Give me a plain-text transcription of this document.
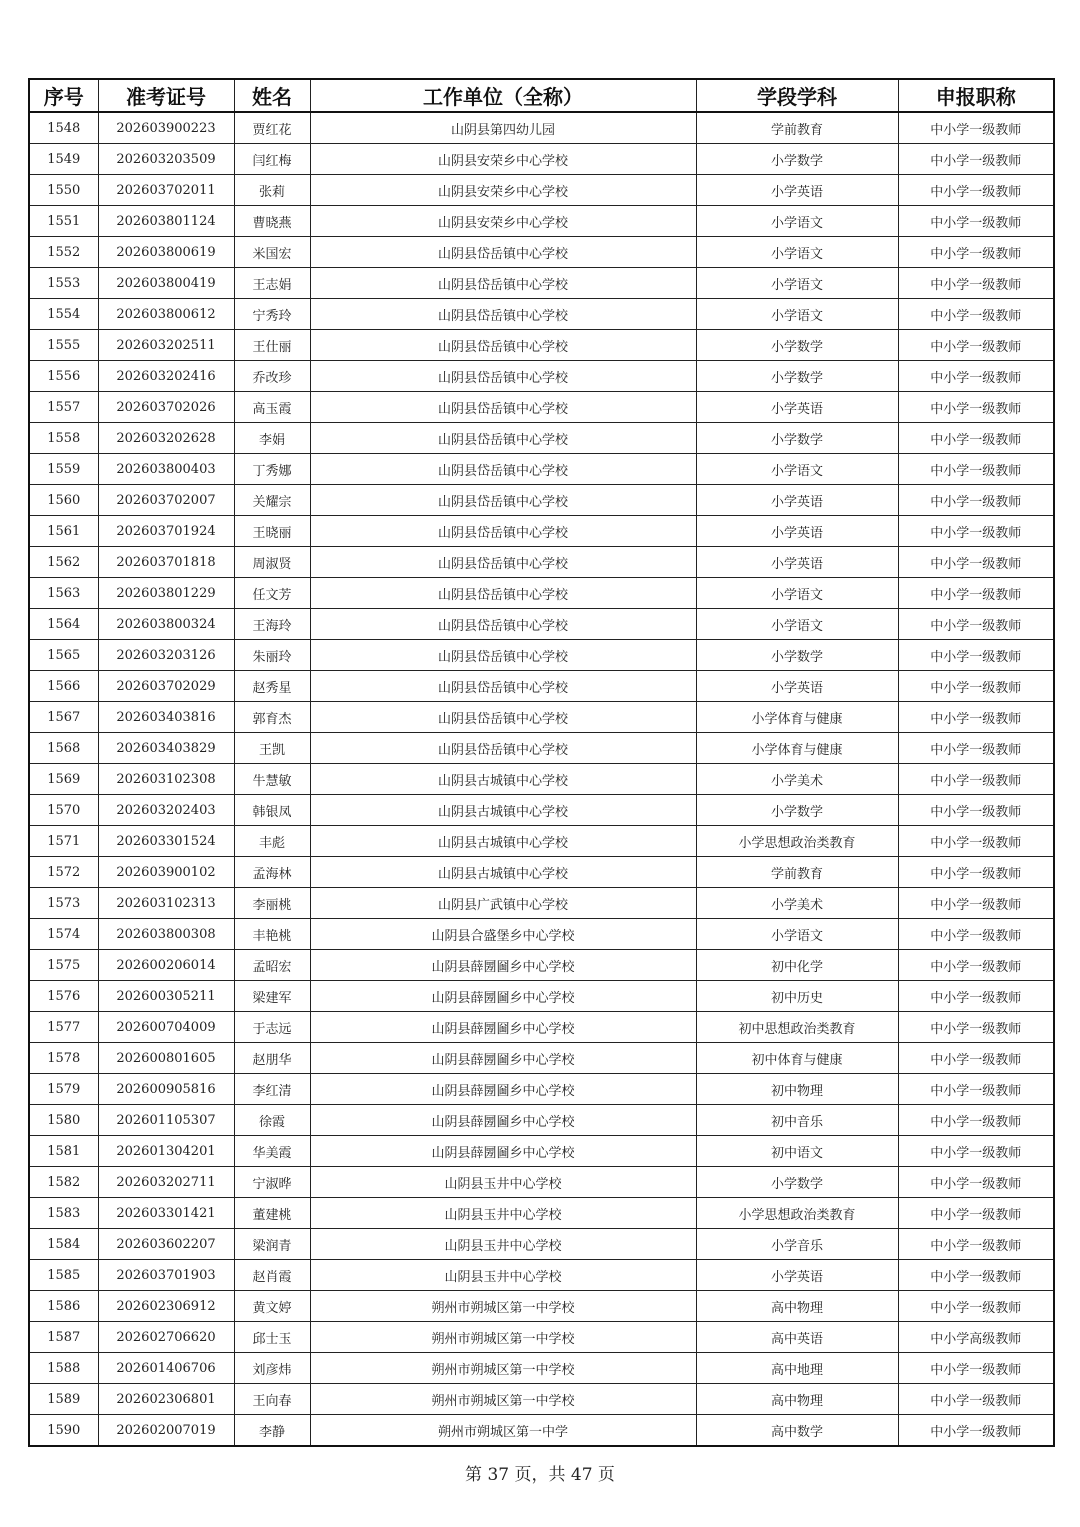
序号	准考证号	姓名	工作单位（全称）	学段学科	申报职称
1548	202603900223	贾红花	山阴县第四幼儿园	学前教育	中小学一级教师
1549	202603203509	闫红梅	山阴县安荣乡中心学校	小学数学	中小学一级教师
1550	202603702011	张莉	山阴县安荣乡中心学校	小学英语	中小学一级教师
1551	202603801124	曹晓燕	山阴县安荣乡中心学校	小学语文	中小学一级教师
1552	202603800619	米国宏	山阴县岱岳镇中心学校	小学语文	中小学一级教师
1553	202603800419	王志娟	山阴县岱岳镇中心学校	小学语文	中小学一级教师
1554	202603800612	宁秀玲	山阴县岱岳镇中心学校	小学语文	中小学一级教师
1555	202603202511	王仕丽	山阴县岱岳镇中心学校	小学数学	中小学一级教师
1556	202603202416	乔改珍	山阴县岱岳镇中心学校	小学数学	中小学一级教师
1557	202603702026	高玉霞	山阴县岱岳镇中心学校	小学英语	中小学一级教师
1558	202603202628	李娟	山阴县岱岳镇中心学校	小学数学	中小学一级教师
1559	202603800403	丁秀娜	山阴县岱岳镇中心学校	小学语文	中小学一级教师
1560	202603702007	关耀宗	山阴县岱岳镇中心学校	小学英语	中小学一级教师
1561	202603701924	王晓丽	山阴县岱岳镇中心学校	小学英语	中小学一级教师
1562	202603701818	周淑贤	山阴县岱岳镇中心学校	小学英语	中小学一级教师
1563	202603801229	任文芳	山阴县岱岳镇中心学校	小学语文	中小学一级教师
1564	202603800324	王海玲	山阴县岱岳镇中心学校	小学语文	中小学一级教师
1565	202603203126	朱丽玲	山阴县岱岳镇中心学校	小学数学	中小学一级教师
1566	202603702029	赵秀星	山阴县岱岳镇中心学校	小学英语	中小学一级教师
1567	202603403816	郭育杰	山阴县岱岳镇中心学校	小学体育与健康	中小学一级教师
1568	202603403829	王凯	山阴县岱岳镇中心学校	小学体育与健康	中小学一级教师
1569	202603102308	牛慧敏	山阴县古城镇中心学校	小学美术	中小学一级教师
1570	202603202403	韩银凤	山阴县古城镇中心学校	小学数学	中小学一级教师
1571	202603301524	丰彪	山阴县古城镇中心学校	小学思想政治类教育	中小学一级教师
1572	202603900102	孟海林	山阴县古城镇中心学校	学前教育	中小学一级教师
1573	202603102313	李丽桃	山阴县广武镇中心学校	小学美术	中小学一级教师
1574	202603800308	丰艳桃	山阴县合盛堡乡中心学校	小学语文	中小学一级教师
1575	202600206014	孟昭宏	山阴县薛圐圙乡中心学校	初中化学	中小学一级教师
1576	202600305211	梁建军	山阴县薛圐圙乡中心学校	初中历史	中小学一级教师
1577	202600704009	于志远	山阴县薛圐圙乡中心学校	初中思想政治类教育	中小学一级教师
1578	202600801605	赵朋华	山阴县薛圐圙乡中心学校	初中体育与健康	中小学一级教师
1579	202600905816	李红清	山阴县薛圐圙乡中心学校	初中物理	中小学一级教师
1580	202601105307	徐霞	山阴县薛圐圙乡中心学校	初中音乐	中小学一级教师
1581	202601304201	华美霞	山阴县薛圐圙乡中心学校	初中语文	中小学一级教师
1582	202603202711	宁淑晔	山阴县玉井中心学校	小学数学	中小学一级教师
1583	202603301421	董建桃	山阴县玉井中心学校	小学思想政治类教育	中小学一级教师
1584	202603602207	梁润青	山阴县玉井中心学校	小学音乐	中小学一级教师
1585	202603701903	赵肖霞	山阴县玉井中心学校	小学英语	中小学一级教师
1586	202602306912	黄文婷	朔州市朔城区第一中学校	高中物理	中小学一级教师
1587	202602706620	邱士玉	朔州市朔城区第一中学校	高中英语	中小学高级教师
1588	202601406706	刘彦炜	朔州市朔城区第一中学校	高中地理	中小学一级教师
1589	202602306801	王向春	朔州市朔城区第一中学校	高中物理	中小学一级教师
1590	202602007019	李静	朔州市朔城区第一中学	高中数学	中小学一级教师
第 37 页，共 47 页
